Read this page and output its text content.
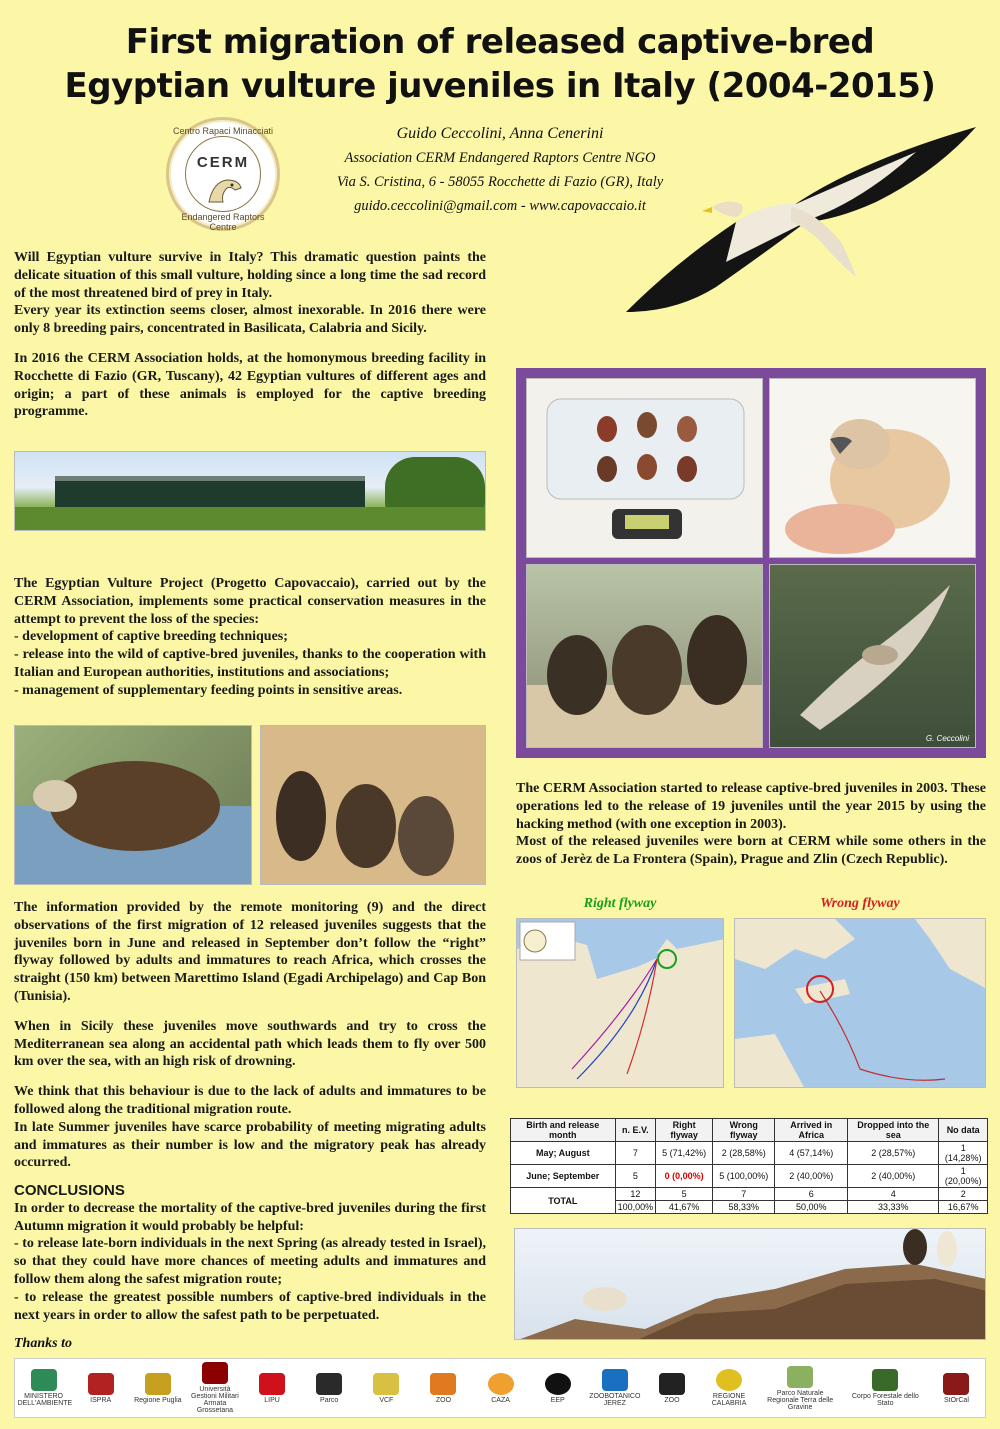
First migration of released captive-bred
Egyptian vulture juveniles in Italy (2004-2015)
Centro Rapaci Minacciati
CERM
Endangered Raptors Centre
Guido Ceccolini, Anna Cenerini
Association CERM Endangered Raptors Centre NGO
Via S. Cristina, 6 - 58055 Rocchette di Fazio (GR), Italy
guido.ceccolini@gmail.com - www.capovaccaio.it

Will Egyptian vulture survive in Italy? This dramatic question paints the delicate situation of this small vulture, holding since a long time the sad record of the most threatened bird of prey in Italy.

Every year its extinction seems closer, almost inexorable. In 2016 there were only 8 breeding pairs, concentrated in Basilicata, Calabria and Sicily.

In 2016 the CERM Association holds, at the homonymous breeding facility in Rocchette di Fazio (GR, Tuscany), 42 Egyptian vultures of different ages and origin; a part of these animals is employed for the captive breeding programme.

The Egyptian Vulture Project (Progetto Capovaccaio), carried out by the CERM Association, implements some practical conservation measures in the attempt to prevent the loss of the species:

- development of captive breeding techniques;

- release into the wild of captive-bred juveniles, thanks to the cooperation with Italian and European authorities, institutions and associations;

- management of supplementary feeding points in sensitive areas.

The information provided by the remote monitoring (9) and the direct observations of the first migration of 12 released juveniles suggests that the juveniles born in June and released in September don’t follow the “right” flyway followed by adults and immatures to reach Africa, which crosses the straight (150 km) between Marettimo Island (Egadi Archipelago) and Cap Bon (Tunisia).

When in Sicily these juveniles move southwards and try to cross the Mediterranean sea along an accidental path which leads them to fly over 500 km over the sea, with an high risk of drowning.

We think that this behaviour is due to the lack of adults and immatures to be followed along the traditional migration route.

In late Summer juveniles have scarce probability of meeting migrating adults and immatures as their number is low and the migratory peak has already occurred.

CONCLUSIONS

In order to decrease the mortality of the captive-bred juveniles during the first Autumn migration it would probably be helpful:

- to release late-born individuals in the next Spring (as already tested in Israel), so that they could have more chances of meeting adults and immatures and follow them along the safest migration route;

- to release the greatest possible numbers of captive-bred individuals in the next years in order to allow the safest path to be perpetuated.

Thanks to
G. Ceccolini

The CERM Association started to release captive-bred juveniles in 2003. These operations led to the release of 19 juveniles until the year 2015 by using the hacking method (with one exception in 2003).

Most of the released juveniles were born at CERM while some others in the zoos of Jerèz de La Frontera (Spain), Prague and Zlin (Czech Republic).

Right flyway	Wrong flyway
Birth and release month	n. E.V.	Right flyway	Wrong flyway	Arrived in Africa	Dropped into the sea	No data
May; August	7	5 (71,42%)	2 (28,58%)	4 (57,14%)	2 (28,57%)	1 (14,28%)
June; September	5	0 (0,00%)	5 (100,00%)	2 (40,00%)	2 (40,00%)	1 (20,00%)
TOTAL	12	5	7	6	4	2
	100,00%	41,67%	58,33%	50,00%	33,33%	16,67%
MINISTERO DELL'AMBIENTE	ISPRA	Regione Puglia
Università Gestioni Militari Armata Grossetana
LIPU	Parco	VCF	ZOO	CAZA	EEP	ZOOBOTANICO JEREZ	ZOO	REGIONE CALABRIA
Parco Naturale Regionale Terra delle Gravine
Corpo Forestale dello Stato	StOrCal
